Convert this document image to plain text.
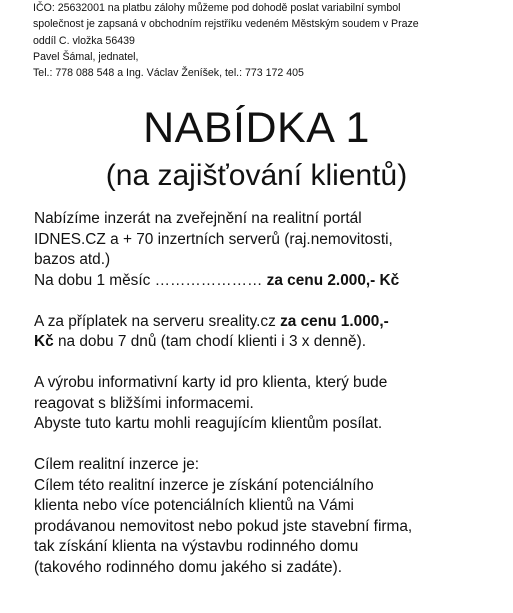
IČO: 25632001 na platbu zálohy můžeme pod dohodě poslat variabilní symbol
společnost je zapsaná v obchodním rejstříku vedeném Městským soudem v Praze
oddíl C. vložka 56439
Pavel Šámal, jednatel,
Tel.: 778 088 548 a Ing. Václav Ženíšek, tel.: 773 172 405
NABÍDKA 1
(na zajišťování klientů)
Nabízíme inzerát na zveřejnění na realitní portál
IDNES.CZ a + 70 inzertních serverů (raj.nemovitosti,
bazos atd.)
Na dobu 1 měsíc ………………… za cenu 2.000,- Kč
A za příplatek na serveru sreality.cz za cenu 1.000,-
Kč na dobu 7 dnů (tam chodí klienti i 3 x denně).
A výrobu informativní karty id pro klienta, který bude
reagovat s bližšími informacemi.
Abyste tuto kartu mohli reagujícím klientům posílat.
Cílem realitní inzerce je:
Cílem této realitní inzerce je získání potenciálního
klienta nebo více potenciálních klientů na Vámi
prodávanou nemovitost nebo pokud jste stavební firma,
tak získání klienta na výstavbu rodinného domu
(takového rodinného domu jakého si zadáte).
